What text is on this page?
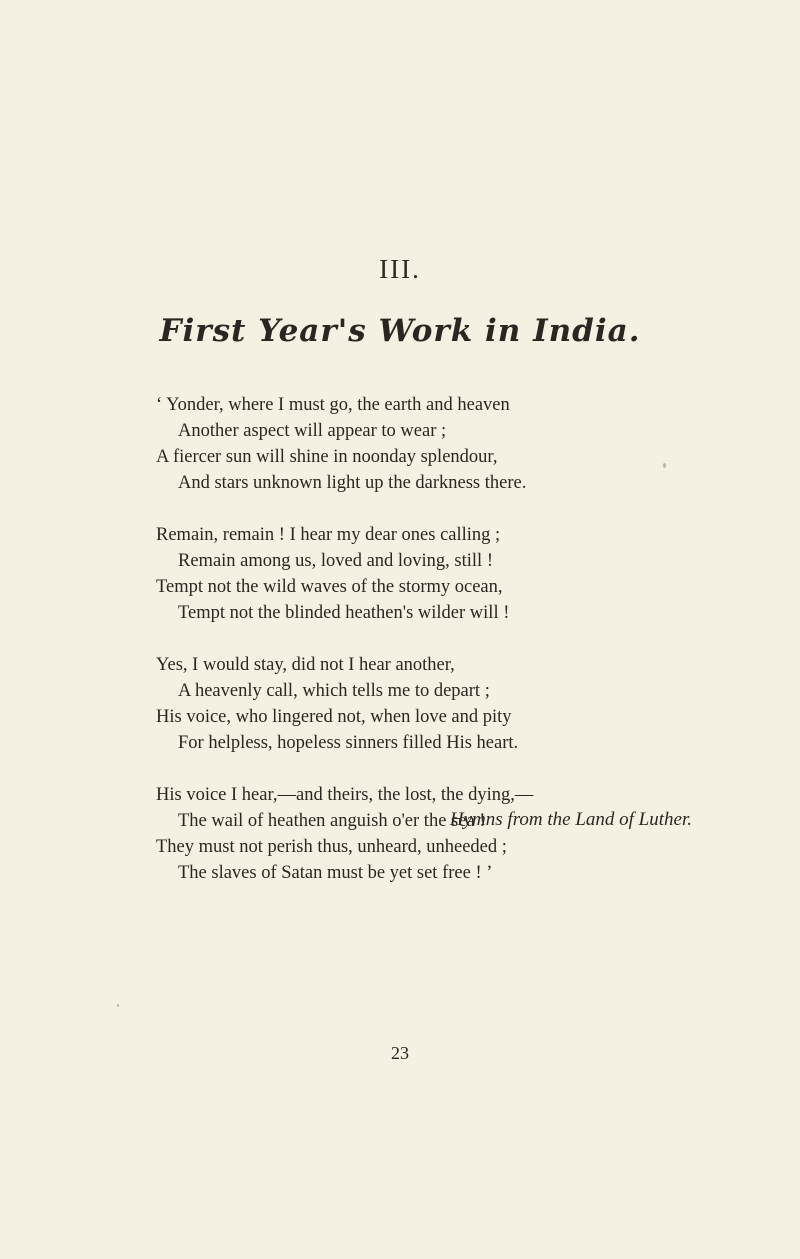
III.
First Year's Work in India.
‘ Yonder, where I must go, the earth and heaven
Another aspect will appear to wear ;
A fiercer sun will shine in noonday splendour,
And stars unknown light up the darkness there.
Remain, remain ! I hear my dear ones calling ;
Remain among us, loved and loving, still !
Tempt not the wild waves of the stormy ocean,
Tempt not the blinded heathen's wilder will !
Yes, I would stay, did not I hear another,
A heavenly call, which tells me to depart ;
His voice, who lingered not, when love and pity
For helpless, hopeless sinners filled His heart.
His voice I hear,—and theirs, the lost, the dying,—
The wail of heathen anguish o'er the sea !
They must not perish thus, unheard, unheeded ;
The slaves of Satan must be yet set free ! ’
Hymns from the Land of Luther.
23
